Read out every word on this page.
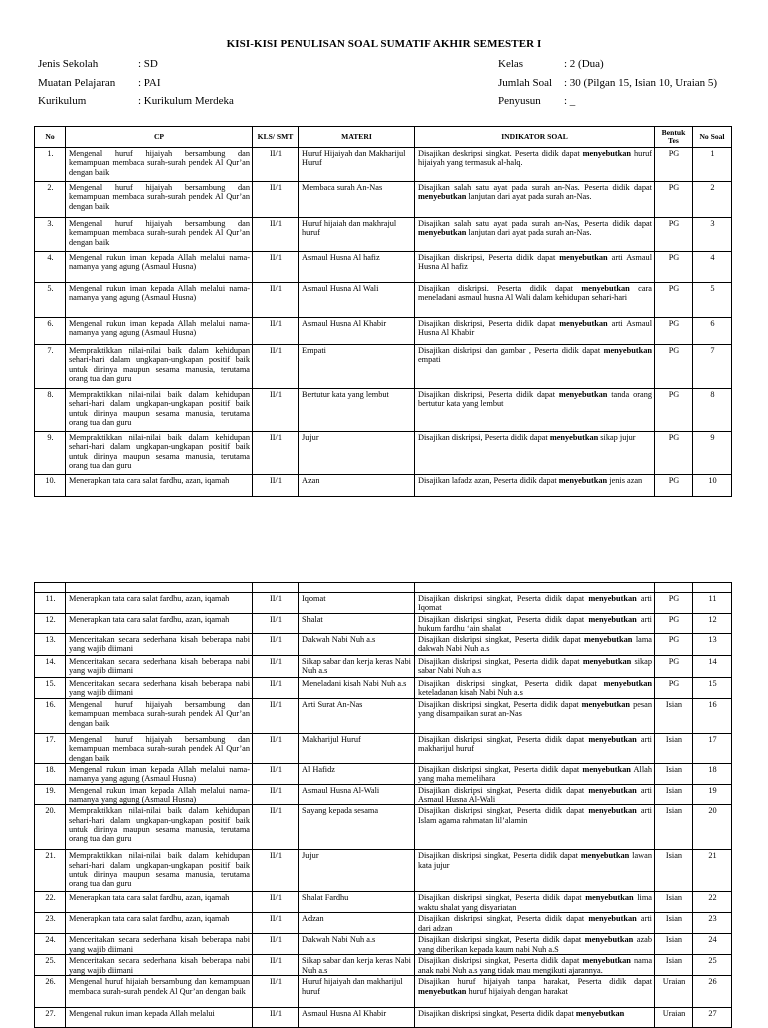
KISI-KISI PENULISAN SOAL SUMATIF AKHIR SEMESTER I
Jenis Sekolah	: SD
Muatan Pelajaran : PAI
Kurikulum	: Kurikulum Merdeka
Kelas	: 2 (Dua)
Jumlah Soal : 30 (Pilgan 15, Isian 10, Uraian 5)
Penyusun : _
No	CP	KLS/ SMT	MATERI	INDIKATOR SOAL	Bentuk Tes	No Soal
1.	Mengenal huruf hijaiyah bersambung dan kemampuan membaca surah-surah pendek Al Qur’an dengan baik	II/1	Huruf Hijaiyah dan Makharijul Huruf	Disajikan deskripsi singkat. Peserta didik dapat menyebutkan huruf hijaiyah yang termasuk al-halq.	PG	1
2.	Mengenal huruf hijaiyah bersambung dan kemampuan membaca surah-surah pendek Al Qur’an dengan baik	II/1	Membaca surah An-Nas	Disajikan salah satu ayat pada surah an-Nas. Peserta didik dapat menyebutkan lanjutan dari ayat pada surah an-Nas.	PG	2
3.	Mengenal huruf hijaiyah bersambung dan kemampuan membaca surah-surah pendek Al Qur’an dengan baik	II/1	Huruf hijaiah dan makhrajul huruf	Disajikan salah satu ayat pada surah an-Nas, Peserta didik dapat menyebutkan lanjutan dari ayat pada surah an-Nas.	PG	3
4.	Mengenal rukun iman kepada Allah melalui nama-namanya yang agung (Asmaul Husna)	II/1	Asmaul Husna Al hafiz	Disajikan diskripsi, Peserta didik dapat menyebutkan arti Asmaul Husna Al hafiz	PG	4
5.	Mengenal rukun iman kepada Allah melalui nama-namanya yang agung (Asmaul Husna)	II/1	Asmaul Husna Al Wali	Disajikan diskripsi. Peserta didik dapat menyebutkan cara meneladani asmaul husna Al Wali dalam kehidupan sehari-hari	PG	5
6.	Mengenal rukun iman kepada Allah melalui nama-namanya yang agung (Asmaul Husna)	II/1	Asmaul Husna Al Khabir	Disajikan diskripsi, Peserta didik dapat menyebutkan arti Asmaul Husna Al Khabir	PG	6
7.	Mempraktikkan nilai-nilai baik dalam kehidupan sehari-hari dalam ungkapan-ungkapan positif baik untuk dirinya maupun sesama manusia, terutama orang tua dan guru	II/1	Empati	Disajikan diskripsi dan gambar , Peserta didik dapat menyebutkan empati	PG	7
8.	Mempraktikkan nilai-nilai baik dalam kehidupan sehari-hari dalam ungkapan-ungkapan positif baik untuk dirinya maupun sesama manusia, terutama orang tua dan guru	II/1	Bertutur kata yang lembut	Disajikan diskripsi, Peserta didik dapat menyebutkan tanda orang bertutur kata yang lembut	PG	8
9.	Mempraktikkan nilai-nilai baik dalam kehidupan sehari-hari dalam ungkapan-ungkapan positif baik untuk dirinya maupun sesama manusia, terutama orang tua dan guru	II/1	Jujur	Disajikan diskripsi, Peserta didik dapat menyebutkan sikap jujur	PG	9
10.	Menerapkan tata cara salat fardhu, azan, iqamah	II/1	Azan	Disajikan lafadz azan, Peserta didik dapat menyebutkan jenis azan	PG	10

11.	Menerapkan tata cara salat fardhu, azan, iqamah	II/1	Iqomat	Disajikan diskripsi singkat, Peserta didik dapat menyebutkan arti Iqomat	PG	11
12.	Menerapkan tata cara salat fardhu, azan, iqamah	II/1	Shalat	Disajikan diskripsi singkat, Peserta didik dapat menyebutkan arti hukum fardhu ‘ain shalat	PG	12
13.	Menceritakan secara sederhana kisah beberapa nabi yang wajib diimani	II/1	Dakwah Nabi Nuh a.s	Disajikan diskripsi singkat, Peserta didik dapat menyebutkan lama dakwah Nabi Nuh a.s	PG	13
14.	Menceritakan secara sederhana kisah beberapa nabi yang wajib diimani	II/1	Sikap sabar dan kerja keras Nabi Nuh a.s	Disajikan diskripsi singkat, Peserta didik dapat menyebutkan sikap sabar Nabi Nuh a.s	PG	14
15.	Menceritakan secara sederhana kisah beberapa nabi yang wajib diimani	II/1	Meneladani kisah Nabi Nuh a.s	Disajikan diskripsi singkat, Peserta didik dapat menyebutkan keteladanan kisah Nabi Nuh a.s	PG	15
16.	Mengenal huruf hijaiyah bersambung dan kemampuan membaca surah-surah pendek Al Qur’an dengan baik	II/1	Arti Surat An-Nas	Disajikan diskripsi singkat, Peserta didik dapat menyebutkan pesan yang disampaikan surat an-Nas	Isian	16
17.	Mengenal huruf hijaiyah bersambung dan kemampuan membaca surah-surah pendek Al Qur’an dengan baik	II/1	Makharijul Huruf	Disajikan diskripsi singkat, Peserta didik dapat menyebutkan arti makharijul huruf	Isian	17
18.	Mengenal rukun iman kepada Allah melalui nama-namanya yang agung (Asmaul Husna)	II/1	Al Hafidz	Disajikan diskripsi singkat, Peserta didik dapat menyebutkan Allah yang maha memelihara	Isian	18
19.	Mengenal rukun iman kepada Allah melalui nama-namanya yang agung (Asmaul Husna)	II/1	Asmaul Husna Al-Wali	Disajikan diskripsi singkat, Peserta didik dapat menyebutkan arti Asmaul Husna Al-Wali	Isian	19
20.	Mempraktikkan nilai-nilai baik dalam kehidupan sehari-hari dalam ungkapan-ungkapan positif baik untuk dirinya maupun sesama manusia, terutama orang tua dan guru	II/1	Sayang kepada sesama	Disajikan diskripsi singkat, Peserta didik dapat menyebutkan arti Islam agama rahmatan lil’alamin	Isian	20
21.	Mempraktikkan nilai-nilai baik dalam kehidupan sehari-hari dalam ungkapan-ungkapan positif baik untuk dirinya maupun sesama manusia, terutama orang tua dan guru	II/1	Jujur	Disajikan diskripsi singkat, Peserta didik dapat menyebutkan lawan kata jujur	Isian	21
22.	Menerapkan tata cara salat fardhu, azan, iqamah	II/1	Shalat Fardhu	Disajikan diskripsi singkat, Peserta didik dapat menyebutkan lima waktu shalat yang disyariatan	Isian	22
23.	Menerapkan tata cara salat fardhu, azan, iqamah	II/1	Adzan	Disajikan diskripsi singkat, Peserta didik dapat menyebutkan arti dari adzan	Isian	23
24.	Menceritakan secara sederhana kisah beberapa nabi yang wajib diimani	II/1	Dakwah Nabi Nuh a.s	Disajikan diskripsi singkat, Peserta didik dapat menyebutkan azab yang diberikan kepada kaum nabi Nuh a.S	Isian	24
25.	Menceritakan secara sederhana kisah beberapa nabi yang wajib diimani	II/1	Sikap sabar dan kerja keras Nabi Nuh a.s	Disajikan diskripsi singkat, Peserta didik dapat menyebutkan nama anak nabi Nuh a.s yang tidak mau mengikuti ajarannya.	Isian	25
26.	Mengenal huruf hijaiah bersambung dan kemampuan membaca surah-surah pendek Al Qur’an dengan baik	II/1	Huruf hijaiyah dan makharijul huruf	Disajikan huruf hijaiyah tanpa harakat, Peserta didik dapat menyebutkan huruf hijaiyah dengan harakat	Uraian	26
27.	Mengenal rukun iman kepada Allah melalui	II/1	Asmaul Husna Al Khabir	Disajikan diskripsi singkat, Peserta didik dapat menyebutkan	Uraian	27
